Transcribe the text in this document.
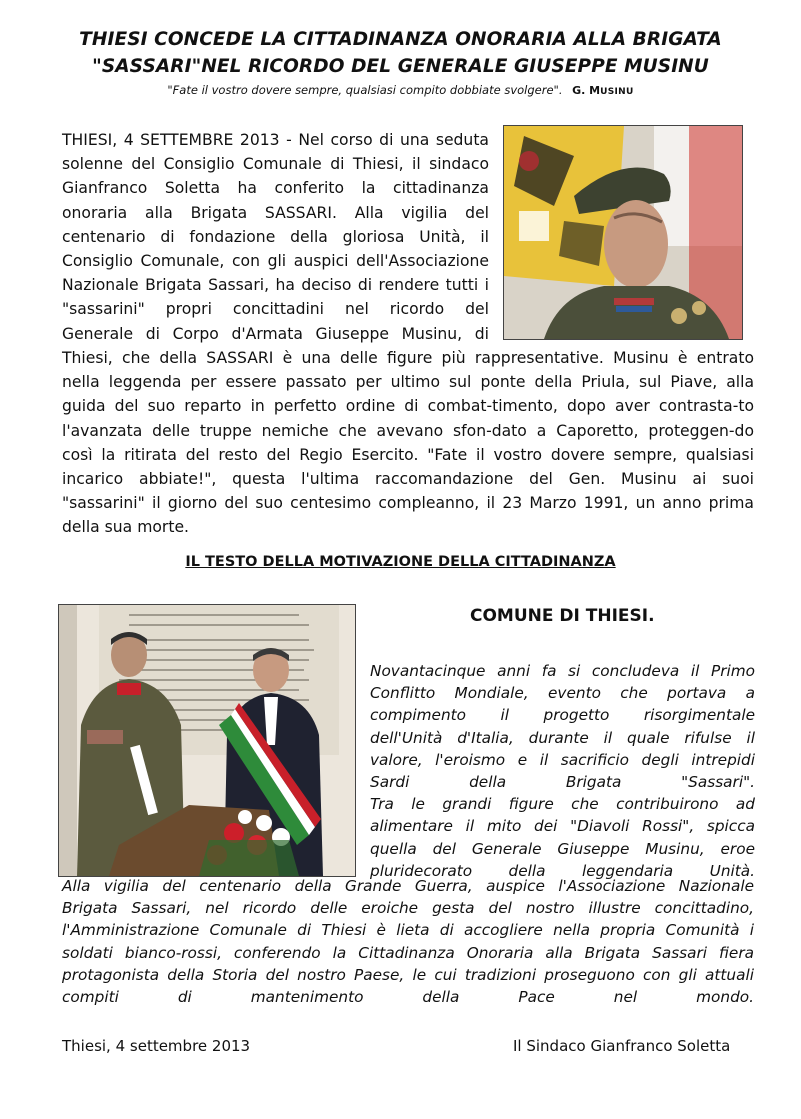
THIESI CONCEDE LA CITTADINANZA ONORARIA ALLA BRIGATA
"SASSARI"NEL RICORDO DEL GENERALE GIUSEPPE MUSINU
"Fate il vostro dovere sempre, qualsiasi compito dobbiate svolgere". G. MUSINU
THIESI, 4 SETTEMBRE 2013 - Nel corso di una seduta
solenne del Consiglio Comunale di Thiesi, il sindaco
Gianfranco Soletta ha conferito la cittadinanza
onoraria alla Brigata SASSARI. Alla vigilia del
centenario di fondazione della gloriosa Unità, il
Consiglio Comunale, con gli auspici dell'Associazione
Nazionale Brigata Sassari, ha deciso di rendere tutti i
"sassarini" propri concittadini nel ricordo del
Generale di Corpo d'Armata Giuseppe Musinu, di
Thiesi, che della SASSARI è una delle figure più rappresentative. Musinu è entrato
nella leggenda per essere passato per ultimo sul ponte della Priula, sul Piave, alla
guida del suo reparto in perfetto ordine di combat-timento, dopo aver contrasta-to
l'avanzata delle truppe nemiche che avevano sfon-dato a Caporetto, proteggen-do
così la ritirata del resto del Regio Esercito. "Fate il vostro dovere sempre, qualsiasi
incarico abbiate!", questa l'ultima raccomandazione del Gen. Musinu ai suoi
"sassarini" il giorno del suo centesimo compleanno, il 23 Marzo 1991, un anno prima
della sua morte.
IL TESTO DELLA MOTIVAZIONE DELLA CITTADINANZA
COMUNE DI THIESI.
Novantacinque anni fa si concludeva il Primo
Conflitto Mondiale, evento che portava a
compimento il progetto risorgimentale
dell'Unità d'Italia, durante il quale rifulse il
valore, l'eroismo e il sacrificio degli intrepidi
Sardi della Brigata "Sassari".
Tra le grandi figure che contribuirono ad
alimentare il mito dei "Diavoli Rossi", spicca
quella del Generale Giuseppe Musinu, eroe
pluridecorato della leggendaria Unità.
Alla vigilia del centenario della Grande Guerra, auspice l'Associazione Nazionale
Brigata Sassari, nel ricordo delle eroiche gesta del nostro illustre concittadino,
l'Amministrazione Comunale di Thiesi è lieta di accogliere nella propria Comunità i
soldati bianco-rossi, conferendo la Cittadinanza Onoraria alla Brigata Sassari fiera
protagonista della Storia del nostro Paese, le cui tradizioni proseguono con gli attuali
compiti di mantenimento della Pace nel mondo.
Thiesi, 4 settembre 2013	Il Sindaco Gianfranco Soletta
